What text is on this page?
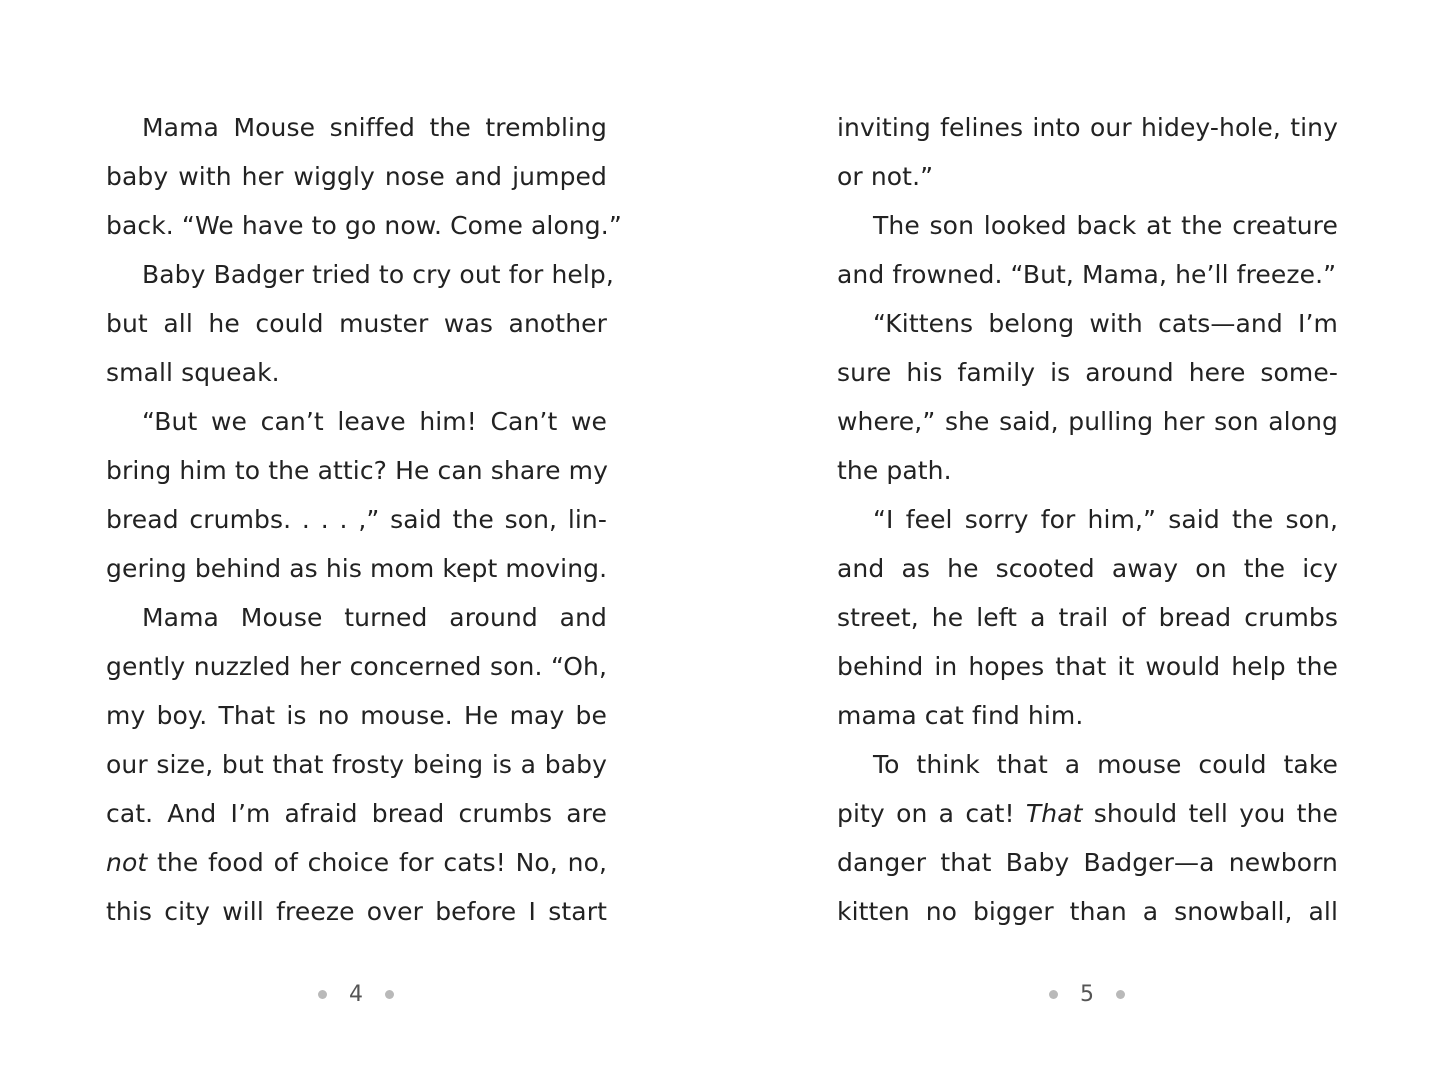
Mama Mouse sniffed the trembling
baby with her wiggly nose and jumped
back. “We have to go now. Come along.”
Baby Badger tried to cry out for help,
but all he could muster was another
small squeak.
“But we can’t leave him! Can’t we
bring him to the attic? He can share my
bread crumbs. . . . ,” said the son, lin-
gering behind as his mom kept moving.
Mama Mouse turned around and
gently nuzzled her concerned son. “Oh,
my boy. That is no mouse. He may be
our size, but that frosty being is a baby
cat. And I’m afraid bread crumbs are
not the food of choice for cats! No, no,
this city will freeze over before I start
4
inviting felines into our hidey-hole, tiny
or not.”
The son looked back at the creature
and frowned. “But, Mama, he’ll freeze.”
“Kittens belong with cats—and I’m
sure his family is around here some-
where,” she said, pulling her son along
the path.
“I feel sorry for him,” said the son,
and as he scooted away on the icy
street, he left a trail of bread crumbs
behind in hopes that it would help the
mama cat find him.
To think that a mouse could take
pity on a cat! That should tell you the
danger that Baby Badger—a newborn
kitten no bigger than a snowball, all
5
